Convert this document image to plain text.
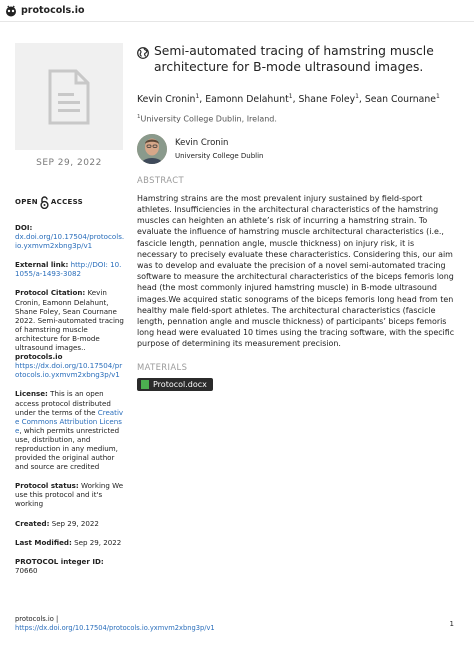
protocols.io
SEP 29, 2022
OPEN ACCESS
DOI:
dx.doi.org/10.17504/protocols.io.yxmvm2xbng3p/v1
External link: http://DOI: 10.1055/a-1493-3082
Protocol Citation: Kevin Cronin, Eamonn Delahunt, Shane Foley, Sean Cournane 2022. Semi-automated tracing of hamstring muscle architecture for B-mode ultrasound images..
protocols.io
https://dx.doi.org/10.17504/protocols.io.yxmvm2xbng3p/v1
License: This is an open access protocol distributed under the terms of the Creative Commons Attribution License, which permits unrestricted use, distribution, and reproduction in any medium, provided the original author and source are credited
Protocol status: Working We use this protocol and it's working
Created: Sep 29, 2022
Last Modified: Sep 29, 2022
PROTOCOL integer ID:
70660
Semi-automated tracing of hamstring muscle architecture for B-mode ultrasound images.
Kevin Cronin$^1$, Eamonn Delahunt$^1$, Shane Foley$^1$, Sean Cournane$^1$
$^1$University College Dublin, Ireland.
Kevin Cronin
University College Dublin
ABSTRACT
Hamstring strains are the most prevalent injury sustained by field-sport athletes. Insufficiencies in the architectural characteristics of the hamstring muscles can heighten an athlete’s risk of incurring a hamstring strain. To evaluate the influence of hamstring muscle architectural characteristics (i.e., fascicle length, pennation angle, muscle thickness) on injury risk, it is necessary to precisely evaluate these characteristics. Considering this, our aim was to develop and evaluate the precision of a novel semi-automated tracing software to measure the architectural characteristics of the biceps femoris long head (the most commonly injured hamstring muscle) in B-mode ultrasound images.We acquired static sonograms of the biceps femoris long head from ten healthy male field-sport athletes. The architectural characteristics (fascicle length, pennation angle and muscle thickness) of participants’ biceps femoris long head were evaluated 10 times using the tracing software, with the specific purpose of determining its measurement precision.
MATERIALS
Protocol.docx
protocols.io |
https://dx.doi.org/10.17504/protocols.io.yxmvm2xbng3p/v1	1
